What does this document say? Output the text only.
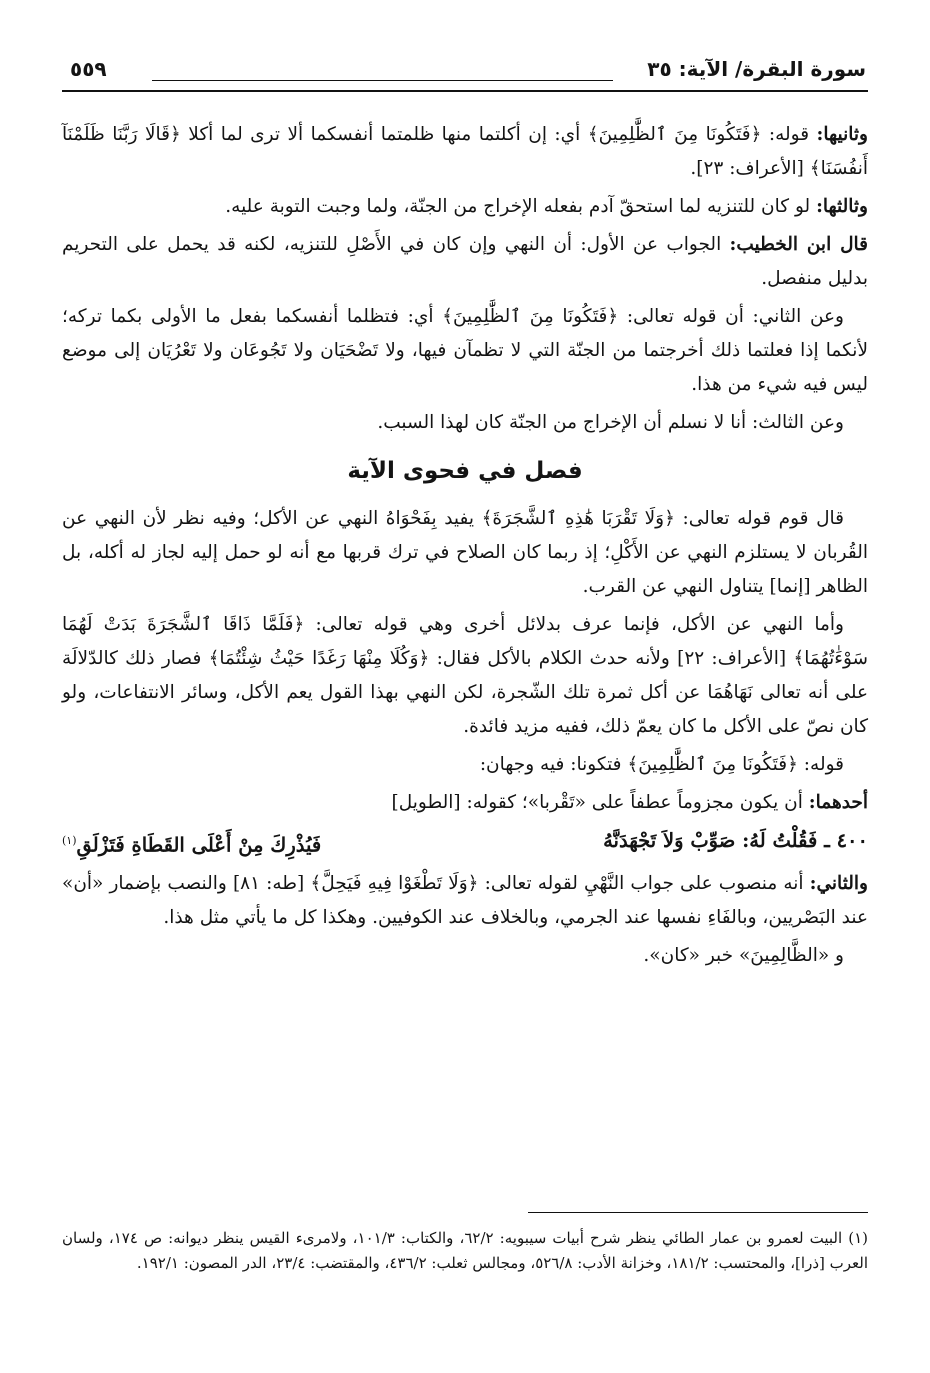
سورة البقرة/ الآية: ٣٥
٥٥٩

وثانيها: قوله: ﴿فَتَكُونَا مِنَ ٱلظَّٰلِمِينَ﴾ أي: إن أكلتما منها ظلمتما أنفسكما ألا ترى لما أكلا ﴿قَالَا رَبَّنَا ظَلَمْنَآ أَنفُسَنَا﴾ [الأعراف: ٢٣].

وثالثها: لو كان للتنزيه لما استحقّ آدم بفعله الإخراج من الجنّة، ولما وجبت التوبة عليه.

قال ابن الخطيب: الجواب عن الأول: أن النهي وإن كان في الأَصْلِ للتنزيه، لكنه قد يحمل على التحريم بدليل منفصل.

وعن الثاني: أن قوله تعالى: ﴿فَتَكُونَا مِنَ ٱلظَّٰلِمِينَ﴾ أي: فتظلما أنفسكما بفعل ما الأولى بكما تركه؛ لأنكما إذا فعلتما ذلك أخرجتما من الجنّة التي لا تظمآن فيها، ولا تَضْحَيَان ولا تَجُوعَان ولا تَعْرُيَان إلى موضع ليس فيه شيء من هذا.

وعن الثالث: أنا لا نسلم أن الإخراج من الجنّة كان لهذا السبب.

فصل في فحوى الآية

قال قوم قوله تعالى: ﴿وَلَا تَقْرَبَا هَٰذِهِ ٱلشَّجَرَةَ﴾ يفيد بِفَحْوَاهُ النهي عن الأكل؛ وفيه نظر لأن النهي عن القُربان لا يستلزم النهي عن الأَكْلِ؛ إذ ربما كان الصلاح في ترك قربها مع أنه لو حمل إليه لجاز له أكله، بل الظاهر [إنما] يتناول النهي عن القرب.

وأما النهي عن الأكل، فإنما عرف بدلائل أخرى وهي قوله تعالى: ﴿فَلَمَّا ذَاقَا ٱلشَّجَرَةَ بَدَتْ لَهُمَا سَوْءَٰتُهُمَا﴾ [الأعراف: ٢٢] ولأنه حدث الكلام بالأكل فقال: ﴿وَكُلَا مِنْهَا رَغَدًا حَيْثُ شِئْتُمَا﴾ فصار ذلك كالدّلالَة على أنه تعالى نَهَاهُمَا عن أكل ثمرة تلك الشّجرة، لكن النهي بهذا القول يعم الأكل، وسائر الانتفاعات، ولو كان نصّ على الأكل ما كان يعمّ ذلك، ففيه مزيد فائدة.

قوله: ﴿فَتَكُونَا مِنَ ٱلظَّٰلِمِينَ﴾ فتكونا: فيه وجهان:

أحدهما: أن يكون مجزوماً عطفاً على «تَقْربا»؛ كقوله: [الطويل]

٤٠٠ ـ فَقُلْتُ لَهُ: صَوِّبْ وَلاَ تَجْهَدَنَّهُ
فَيُذْرِكَ مِنْ أَعْلَى القَطَاةِ فَتَزْلَقِ$^{(١)}$

والثاني: أنه منصوب على جواب النَّهْيِ لقوله تعالى: ﴿وَلَا تَطْغَوْا فِيهِ فَيَحِلَّ﴾ [طه: ٨١] والنصب بإضمار «أن» عند البَصْريين، وبالفَاءِ نفسها عند الجرمي، وبالخلاف عند الكوفيين. وهكذا كل ما يأتي مثل هذا.

و «الظَّالِمِينَ» خبر «كان».

(١) البيت لعمرو بن عمار الطائي ينظر شرح أبيات سيبويه: ٦٢/٢، والكتاب: ١٠١/٣، ولامرىء القيس ينظر ديوانه: ص ١٧٤، ولسان العرب [ذرا]، والمحتسب: ١٨١/٢، وخزانة الأدب: ٥٢٦/٨، ومجالس ثعلب: ٤٣٦/٢، والمقتضب: ٢٣/٤، الدر المصون: ١٩٢/١.
